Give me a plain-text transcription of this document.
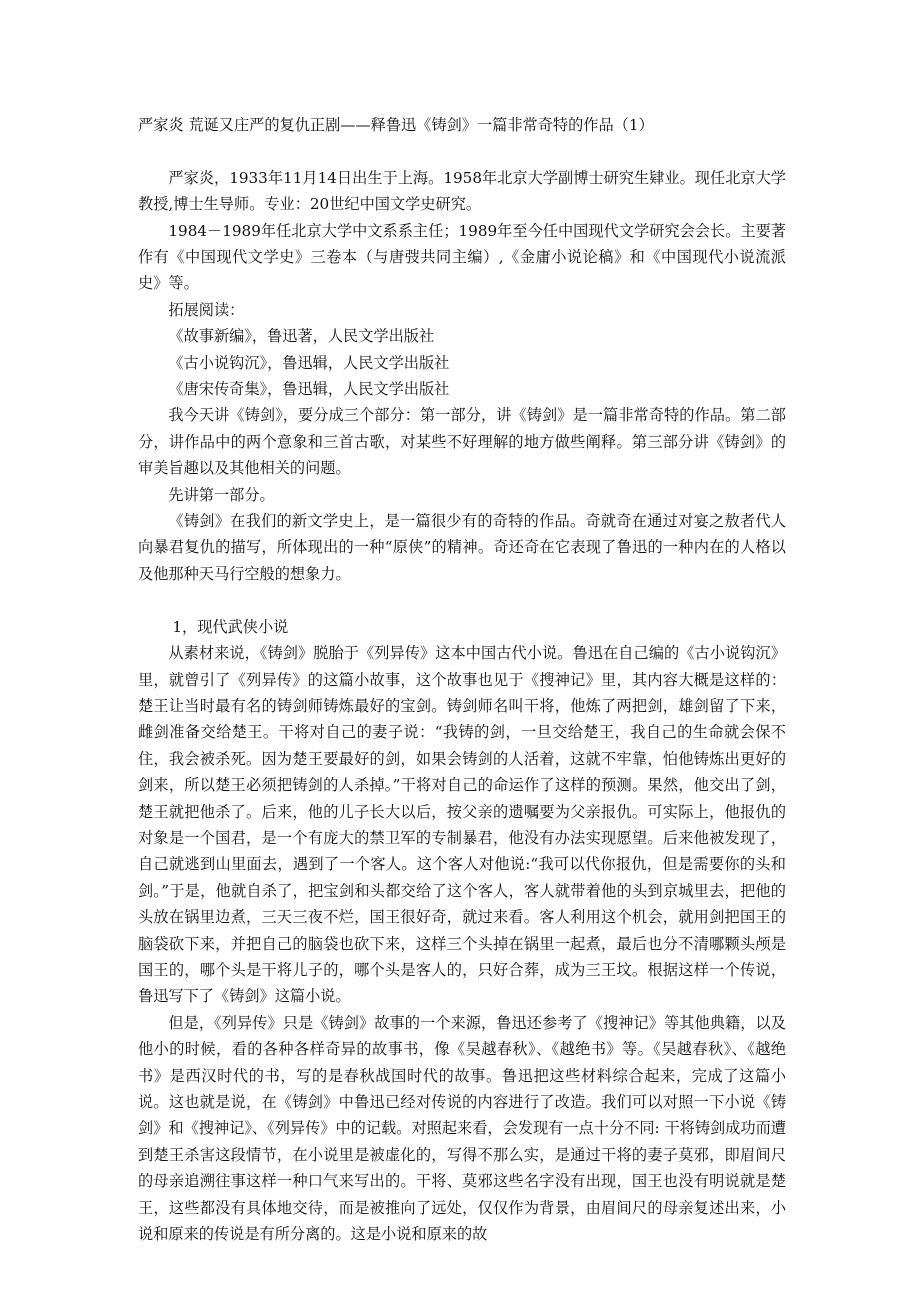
严家炎 荒诞又庄严的复仇正剧——释鲁迅《铸剑》一篇非常奇特的作品（1）

严家炎，1933年11月14日出生于上海。1958年北京大学副博士研究生肄业。现任北京大学教授,博士生导师。专业：20世纪中国文学史研究。

1984－1989年任北京大学中文系系主任；1989年至今任中国现代文学研究会会长。主要著作有《中国现代文学史》三卷本（与唐弢共同主编）,《金庸小说论稿》和《中国现代小说流派史》等。

拓展阅读：

《故事新编》，鲁迅著，人民文学出版社

《古小说钩沉》，鲁迅辑，人民文学出版社

《唐宋传奇集》，鲁迅辑，人民文学出版社

我今天讲《铸剑》，要分成三个部分：第一部分，讲《铸剑》是一篇非常奇特的作品。第二部分，讲作品中的两个意象和三首古歌，对某些不好理解的地方做些阐释。第三部分讲《铸剑》的审美旨趣以及其他相关的问题。

先讲第一部分。

《铸剑》在我们的新文学史上，是一篇很少有的奇特的作品。奇就奇在通过对宴之敖者代人向暴君复仇的描写，所体现出的一种“原侠”的精神。奇还奇在它表现了鲁迅的一种内在的人格以及他那种天马行空般的想象力。

1，现代武侠小说

从素材来说，《铸剑》脱胎于《列异传》这本中国古代小说。鲁迅在自己编的《古小说钩沉》里，就曾引了《列异传》的这篇小故事，这个故事也见于《搜神记》里，其内容大概是这样的：楚王让当时最有名的铸剑师铸炼最好的宝剑。铸剑师名叫干将，他炼了两把剑，雄剑留了下来，雌剑准备交给楚王。干将对自己的妻子说：“我铸的剑，一旦交给楚王，我自己的生命就会保不住，我会被杀死。因为楚王要最好的剑，如果会铸剑的人活着，这就不牢靠，怕他铸炼出更好的剑来，所以楚王必须把铸剑的人杀掉。”干将对自己的命运作了这样的预测。果然，他交出了剑，楚王就把他杀了。后来，他的儿子长大以后，按父亲的遗嘱要为父亲报仇。可实际上，他报仇的对象是一个国君，是一个有庞大的禁卫军的专制暴君，他没有办法实现愿望。后来他被发现了，自己就逃到山里面去，遇到了一个客人。这个客人对他说:“我可以代你报仇，但是需要你的头和剑。”于是，他就自杀了，把宝剑和头都交给了这个客人，客人就带着他的头到京城里去，把他的头放在锅里边煮，三天三夜不烂，国王很好奇，就过来看。客人利用这个机会，就用剑把国王的脑袋砍下来，并把自己的脑袋也砍下来，这样三个头掉在锅里一起煮，最后也分不清哪颗头颅是国王的，哪个头是干将儿子的，哪个头是客人的，只好合葬，成为三王坟。根据这样一个传说，鲁迅写下了《铸剑》这篇小说。

但是，《列异传》只是《铸剑》故事的一个来源，鲁迅还参考了《搜神记》等其他典籍，以及他小的时候，看的各种各样奇异的故事书，像《吴越春秋》、《越绝书》等。《吴越春秋》、《越绝书》是西汉时代的书，写的是春秋战国时代的故事。鲁迅把这些材料综合起来，完成了这篇小说。这也就是说，在《铸剑》中鲁迅已经对传说的内容进行了改造。我们可以对照一下小说《铸剑》和《搜神记》、《列异传》中的记载。对照起来看，会发现有一点十分不同: 干将铸剑成功而遭到楚王杀害这段情节，在小说里是被虚化的，写得不那么实，是通过干将的妻子莫邪，即眉间尺的母亲追溯往事这样一种口气来写出的。干将、莫邪这些名字没有出现，国王也没有明说就是楚王，这些都没有具体地交待，而是被推向了远处，仅仅作为背景，由眉间尺的母亲复述出来，小说和原来的传说是有所分离的。这是小说和原来的故
